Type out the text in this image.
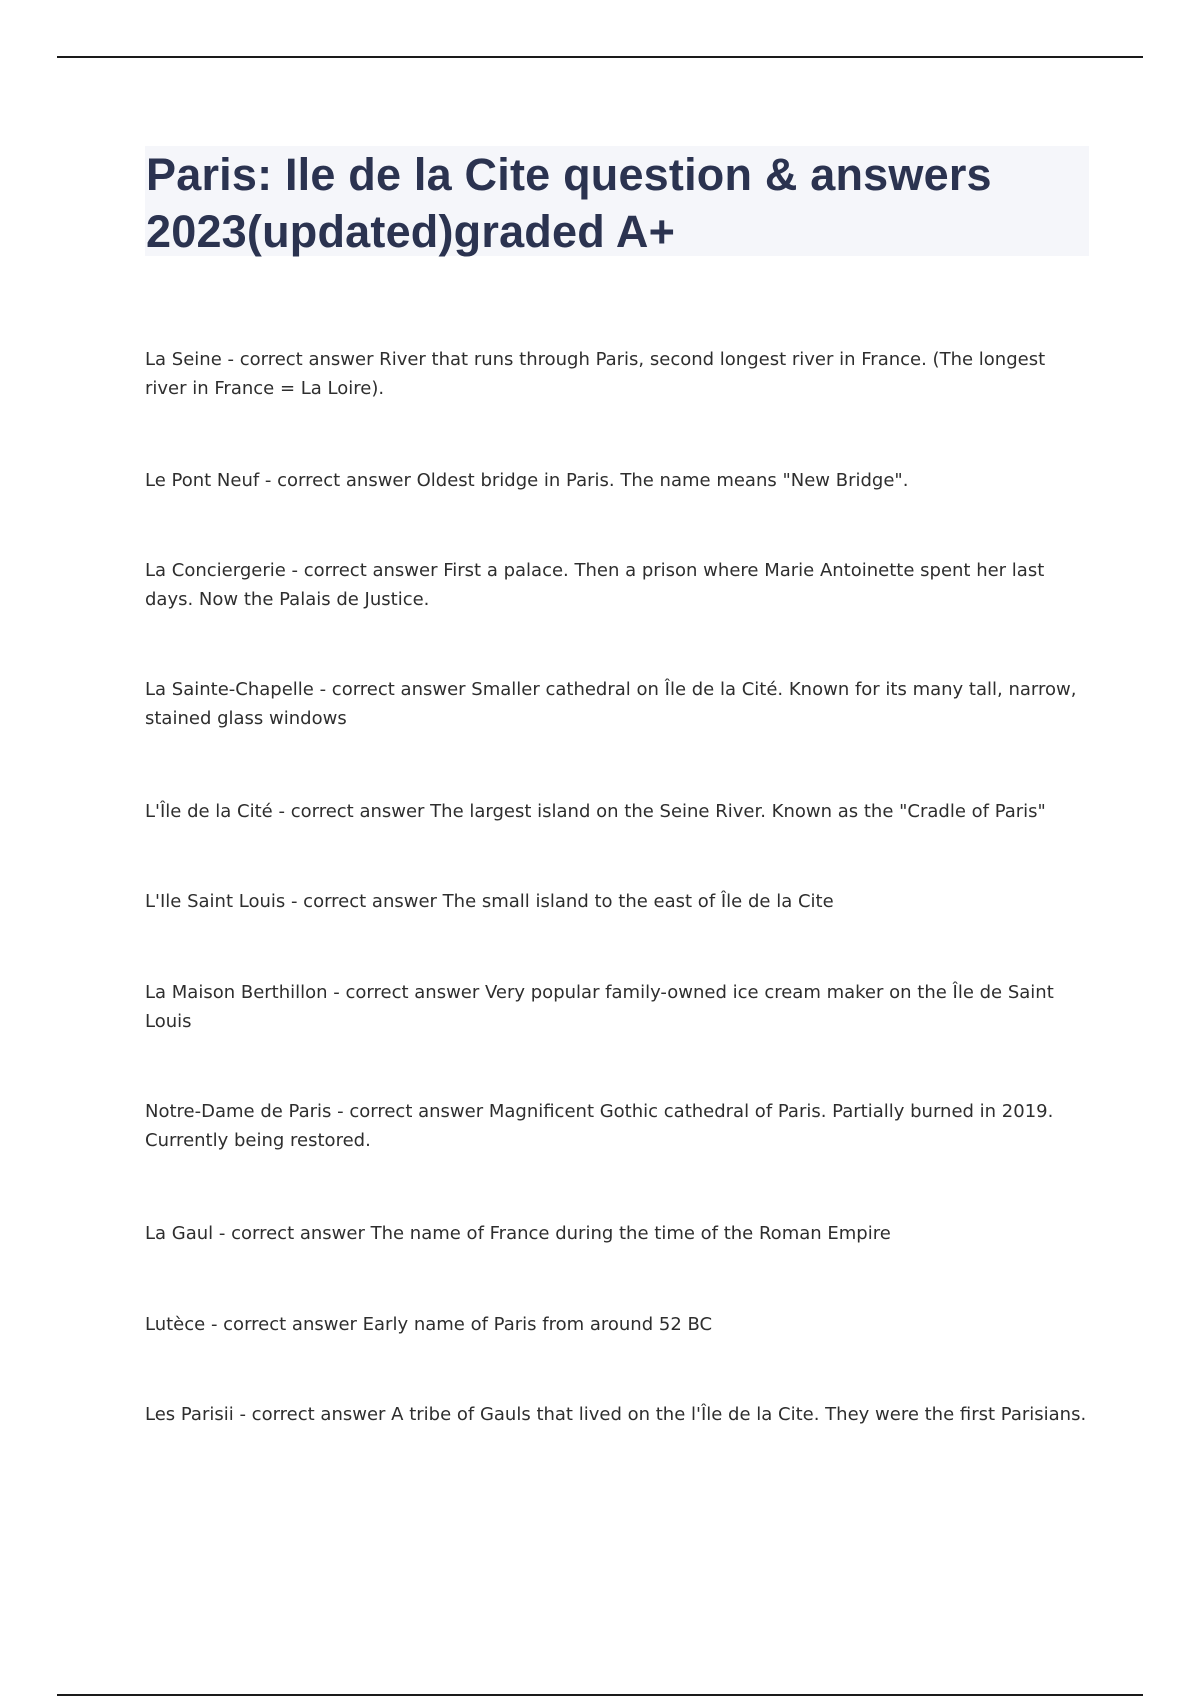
Paris: Ile de la Cite question & answers 2023(updated)graded A+
La Seine - correct answer River that runs through Paris, second longest river in France. (The longest river in France = La Loire).
Le Pont Neuf - correct answer Oldest bridge in Paris. The name means "New Bridge".
La Conciergerie - correct answer First a palace. Then a prison where Marie Antoinette spent her last days. Now the Palais de Justice.
La Sainte-Chapelle - correct answer Smaller cathedral on Île de la Cité. Known for its many tall, narrow, stained glass windows
L'Île de la Cité - correct answer The largest island on the Seine River. Known as the "Cradle of Paris"
L'Ile Saint Louis - correct answer The small island to the east of Île de la Cite
La Maison Berthillon - correct answer Very popular family-owned ice cream maker on the Île de Saint Louis
Notre-Dame de Paris - correct answer Magnificent Gothic cathedral of Paris. Partially burned in 2019. Currently being restored.
La Gaul - correct answer The name of France during the time of the Roman Empire
Lutèce - correct answer Early name of Paris from around 52 BC
Les Parisii - correct answer A tribe of Gauls that lived on the l'Île de la Cite. They were the first Parisians.
